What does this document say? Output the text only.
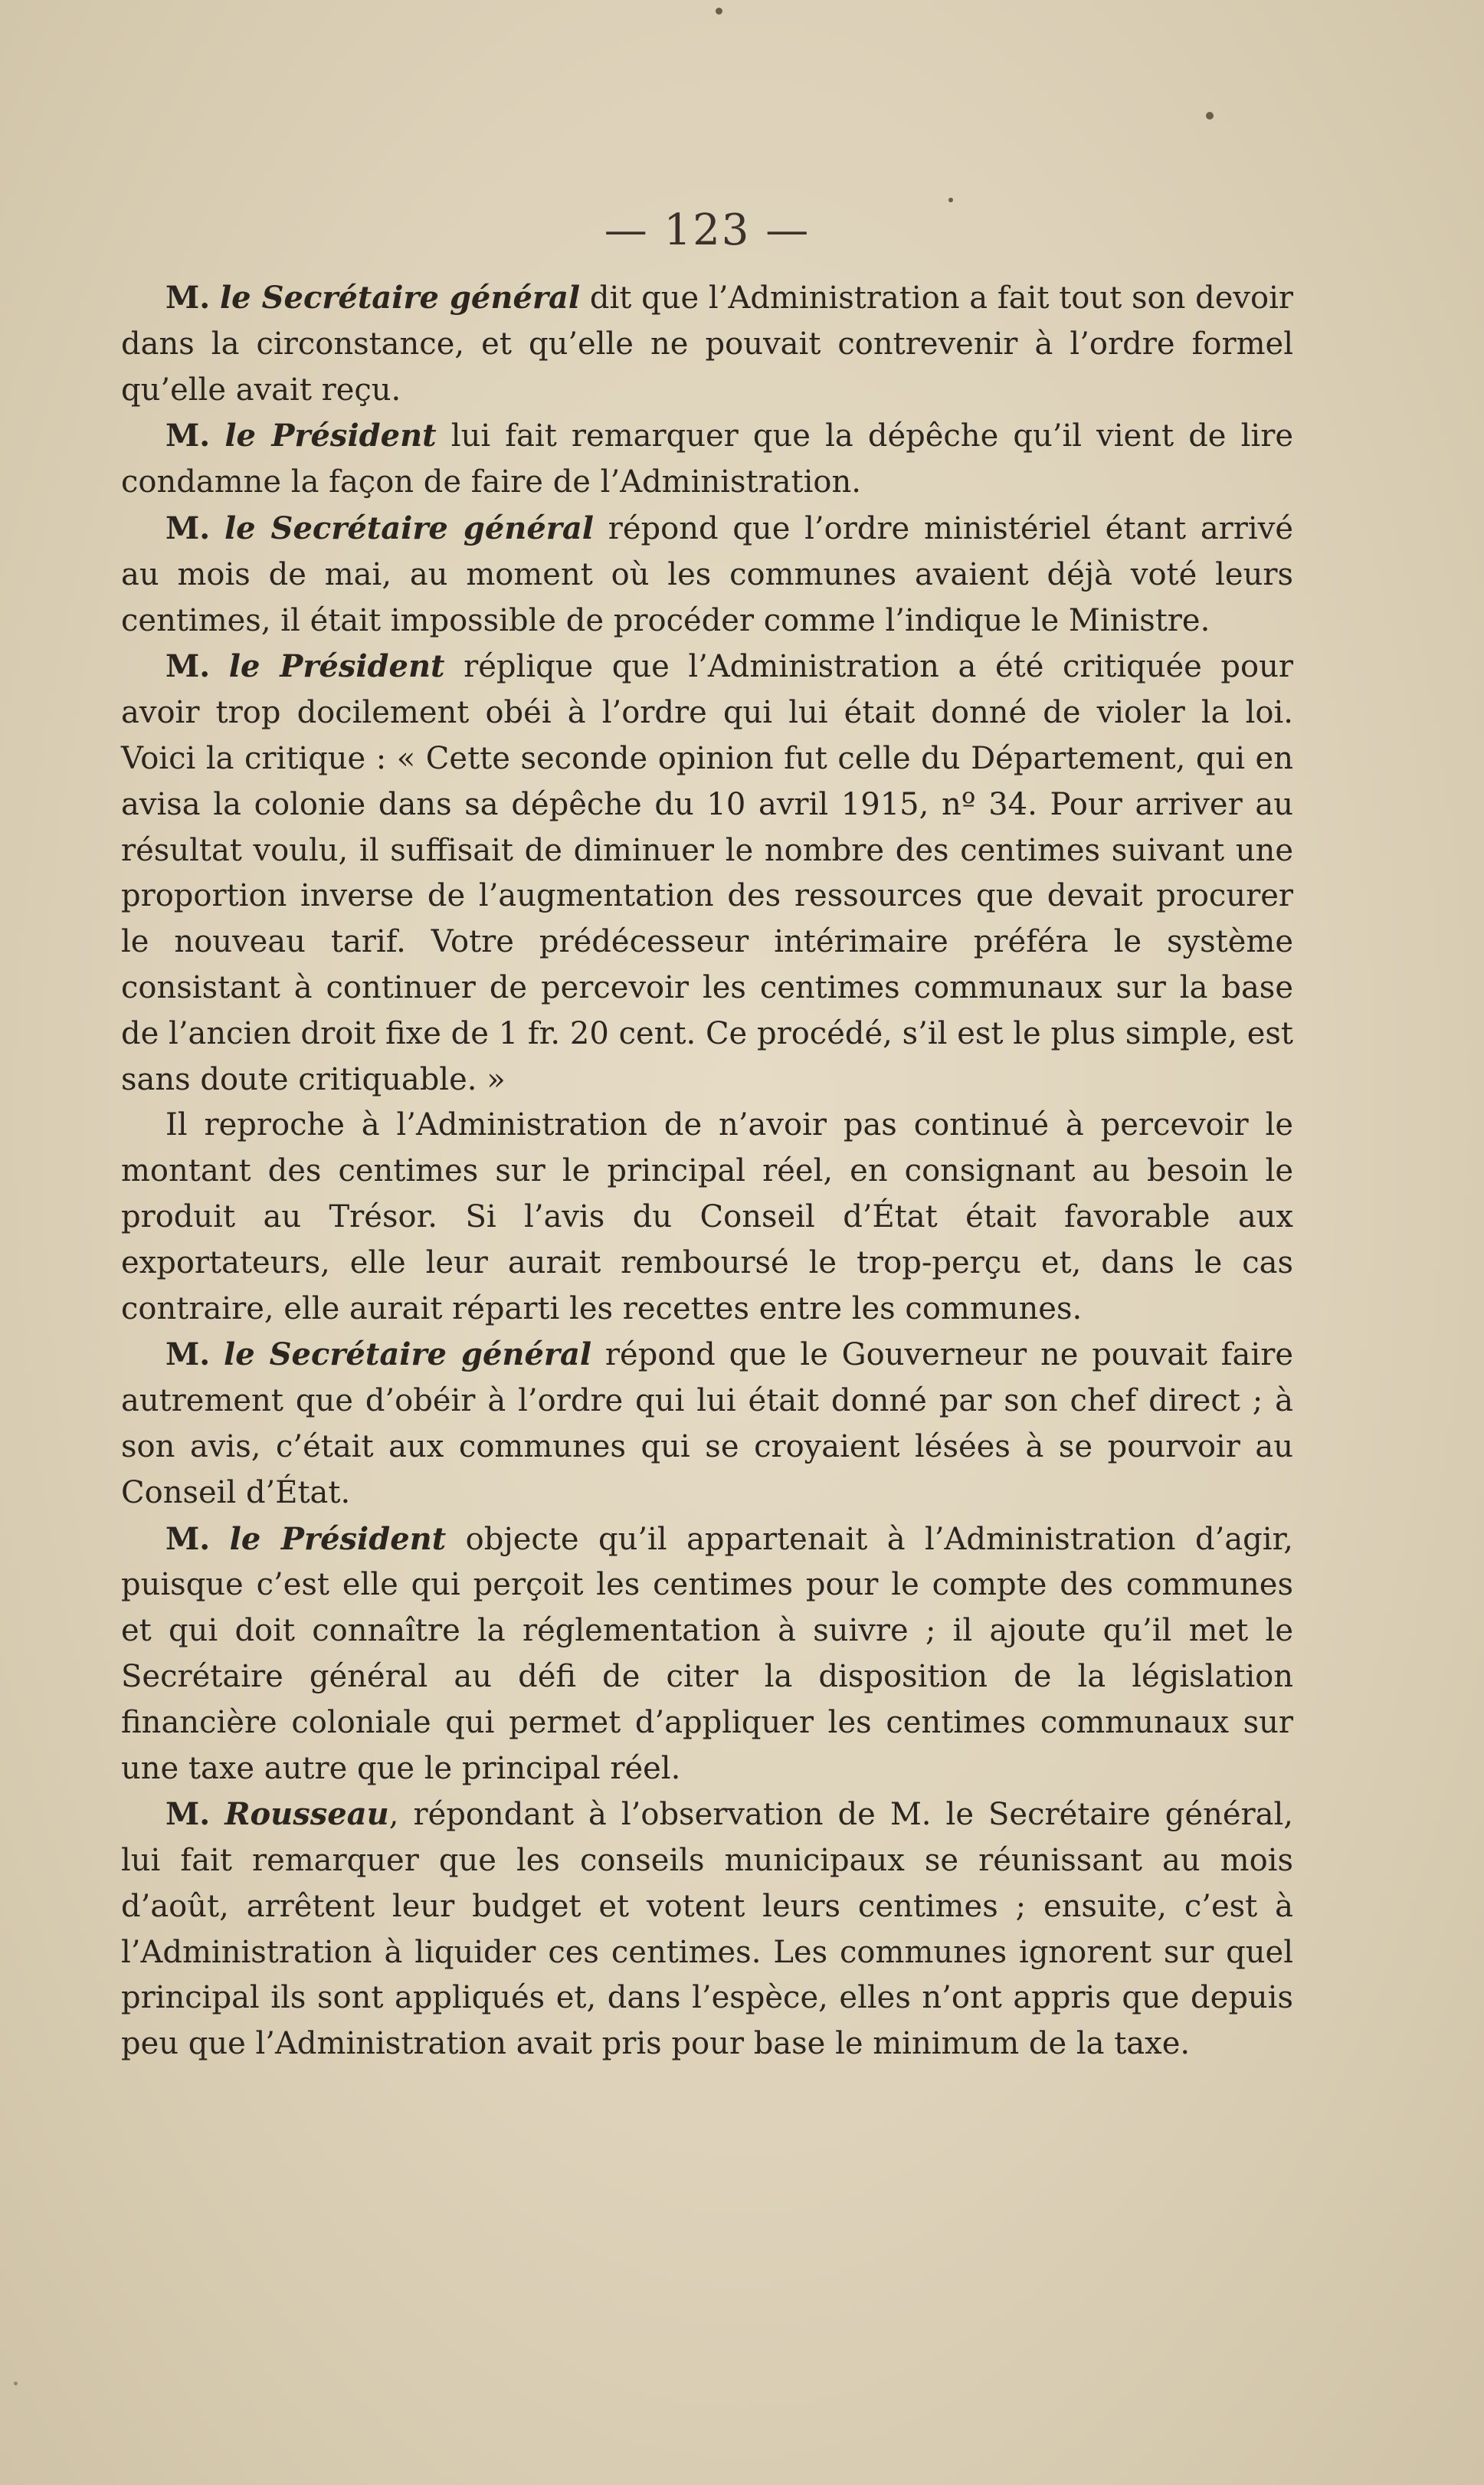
— 123 —

M. le Secrétaire général dit que l’Administration a fait tout son devoir dans la circonstance, et qu’elle ne pouvait contrevenir à l’ordre formel qu’elle avait reçu.

M. le Président lui fait remarquer que la dépêche qu’il vient de lire condamne la façon de faire de l’Administration.

M. le Secrétaire général répond que l’ordre ministériel étant arrivé au mois de mai, au moment où les communes avaient déjà voté leurs centimes, il était impossible de procéder comme l’indique le Ministre.

M. le Président réplique que l’Administration a été critiquée pour avoir trop docilement obéi à l’ordre qui lui était donné de violer la loi. Voici la critique : « Cette seconde opinion fut celle du Département, qui en avisa la colonie dans sa dépêche du 10 avril 1915, nº 34. Pour arriver au résultat voulu, il suffisait de diminuer le nombre des centimes suivant une proportion inverse de l’augmentation des ressources que devait procurer le nouveau tarif. Votre prédécesseur intérimaire préféra le système consistant à continuer de percevoir les centimes communaux sur la base de l’ancien droit fixe de 1 fr. 20 cent. Ce procédé, s’il est le plus simple, est sans doute critiquable. »

Il reproche à l’Administration de n’avoir pas continué à percevoir le montant des centimes sur le principal réel, en consignant au besoin le produit au Trésor. Si l’avis du Conseil d’État était favorable aux exportateurs, elle leur aurait remboursé le trop-perçu et, dans le cas contraire, elle aurait réparti les recettes entre les communes.

M. le Secrétaire général répond que le Gouverneur ne pouvait faire autrement que d’obéir à l’ordre qui lui était donné par son chef direct ; à son avis, c’était aux communes qui se croyaient lésées à se pourvoir au Conseil d’État.

M. le Président objecte qu’il appartenait à l’Administration d’agir, puisque c’est elle qui perçoit les centimes pour le compte des communes et qui doit connaître la réglementation à suivre ; il ajoute qu’il met le Secrétaire général au défi de citer la disposition de la législation financière coloniale qui permet d’appliquer les centimes communaux sur une taxe autre que le principal réel.

M. Rousseau, répondant à l’observation de M. le Secrétaire général, lui fait remarquer que les conseils municipaux se réunissant au mois d’août, arrêtent leur budget et votent leurs centimes ; ensuite, c’est à l’Administration à liquider ces centimes. Les communes ignorent sur quel principal ils sont appliqués et, dans l’espèce, elles n’ont appris que depuis peu que l’Administration avait pris pour base le minimum de la taxe.
